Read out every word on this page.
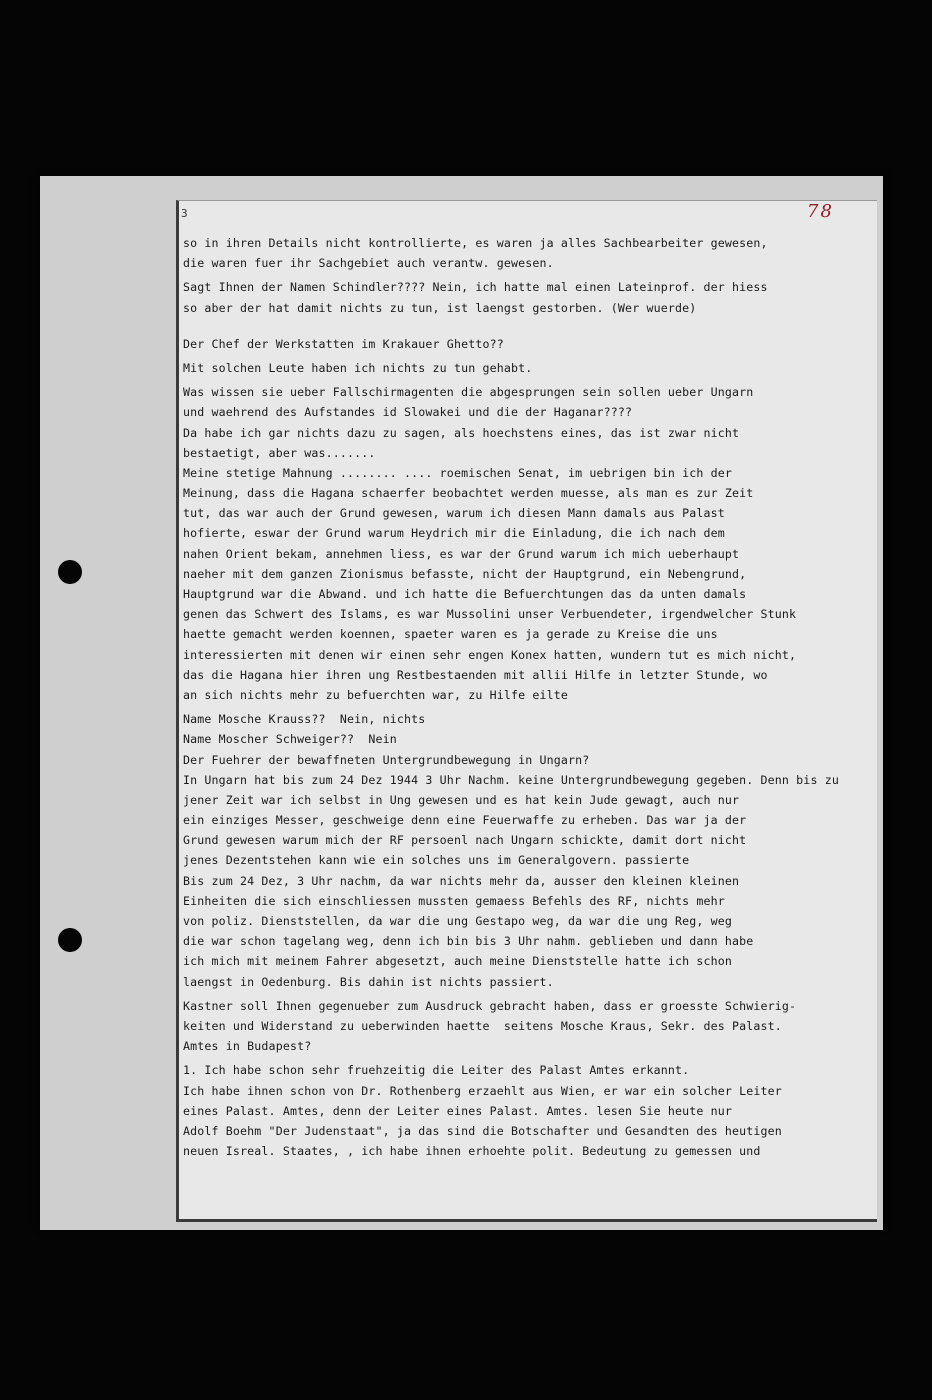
78
3
so in ihren Details nicht kontrollierte, es waren ja alles Sachbearbeiter gewesen,
die waren fuer ihr Sachgebiet auch verantw. gewesen.
Sagt Ihnen der Namen Schindler???? Nein, ich hatte mal einen Lateinprof. der hiess
so aber der hat damit nichts zu tun, ist laengst gestorben. (Wer wuerde)
Der Chef der Werkstatten im Krakauer Ghetto??
Mit solchen Leute haben ich nichts zu tun gehabt.
Was wissen sie ueber Fallschirmagenten die abgesprungen sein sollen ueber Ungarn
und waehrend des Aufstandes id Slowakei und die der Haganar????
Da habe ich gar nichts dazu zu sagen, als hoechstens eines, das ist zwar nicht
bestaetigt, aber was.......
Meine stetige Mahnung ........ .... roemischen Senat, im uebrigen bin ich der
Meinung, dass die Hagana schaerfer beobachtet werden muesse, als man es zur Zeit
tut, das war auch der Grund gewesen, warum ich diesen Mann damals aus Palast
hofierte, eswar der Grund warum Heydrich mir die Einladung, die ich nach dem
nahen Orient bekam, annehmen liess, es war der Grund warum ich mich ueberhaupt
naeher mit dem ganzen Zionismus befasste, nicht der Hauptgrund, ein Nebengrund,
Hauptgrund war die Abwand. und ich hatte die Befuerchtungen das da unten damals
genen das Schwert des Islams, es war Mussolini unser Verbuendeter, irgendwelcher Stunk
haette gemacht werden koennen, spaeter waren es ja gerade zu Kreise die uns
interessierten mit denen wir einen sehr engen Konex hatten, wundern tut es mich nicht,
das die Hagana hier ihren ung Restbestaenden mit allii Hilfe in letzter Stunde, wo
an sich nichts mehr zu befuerchten war, zu Hilfe eilte
Name Mosche Krauss??  Nein, nichts
Name Moscher Schweiger??  Nein
Der Fuehrer der bewaffneten Untergrundbewegung in Ungarn?
In Ungarn hat bis zum 24 Dez 1944 3 Uhr Nachm. keine Untergrundbewegung gegeben. Denn bis zu
jener Zeit war ich selbst in Ung gewesen und es hat kein Jude gewagt, auch nur
ein einziges Messer, geschweige denn eine Feuerwaffe zu erheben. Das war ja der
Grund gewesen warum mich der RF persoenl nach Ungarn schickte, damit dort nicht
jenes Dezentstehen kann wie ein solches uns im Generalgovern. passierte
Bis zum 24 Dez, 3 Uhr nachm, da war nichts mehr da, ausser den kleinen kleinen
Einheiten die sich einschliessen mussten gemaess Befehls des RF, nichts mehr
von poliz. Dienststellen, da war die ung Gestapo weg, da war die ung Reg, weg
die war schon tagelang weg, denn ich bin bis 3 Uhr nahm. geblieben und dann habe
ich mich mit meinem Fahrer abgesetzt, auch meine Dienststelle hatte ich schon
laengst in Oedenburg. Bis dahin ist nichts passiert.
Kastner soll Ihnen gegenueber zum Ausdruck gebracht haben, dass er groesste Schwierig-
keiten und Widerstand zu ueberwinden haette  seitens Mosche Kraus, Sekr. des Palast.
Amtes in Budapest?
1. Ich habe schon sehr fruehzeitig die Leiter des Palast Amtes erkannt.
Ich habe ihnen schon von Dr. Rothenberg erzaehlt aus Wien, er war ein solcher Leiter
eines Palast. Amtes, denn der Leiter eines Palast. Amtes. lesen Sie heute nur
Adolf Boehm "Der Judenstaat", ja das sind die Botschafter und Gesandten des heutigen
neuen Isreal. Staates, , ich habe ihnen erhoehte polit. Bedeutung zu gemessen und
